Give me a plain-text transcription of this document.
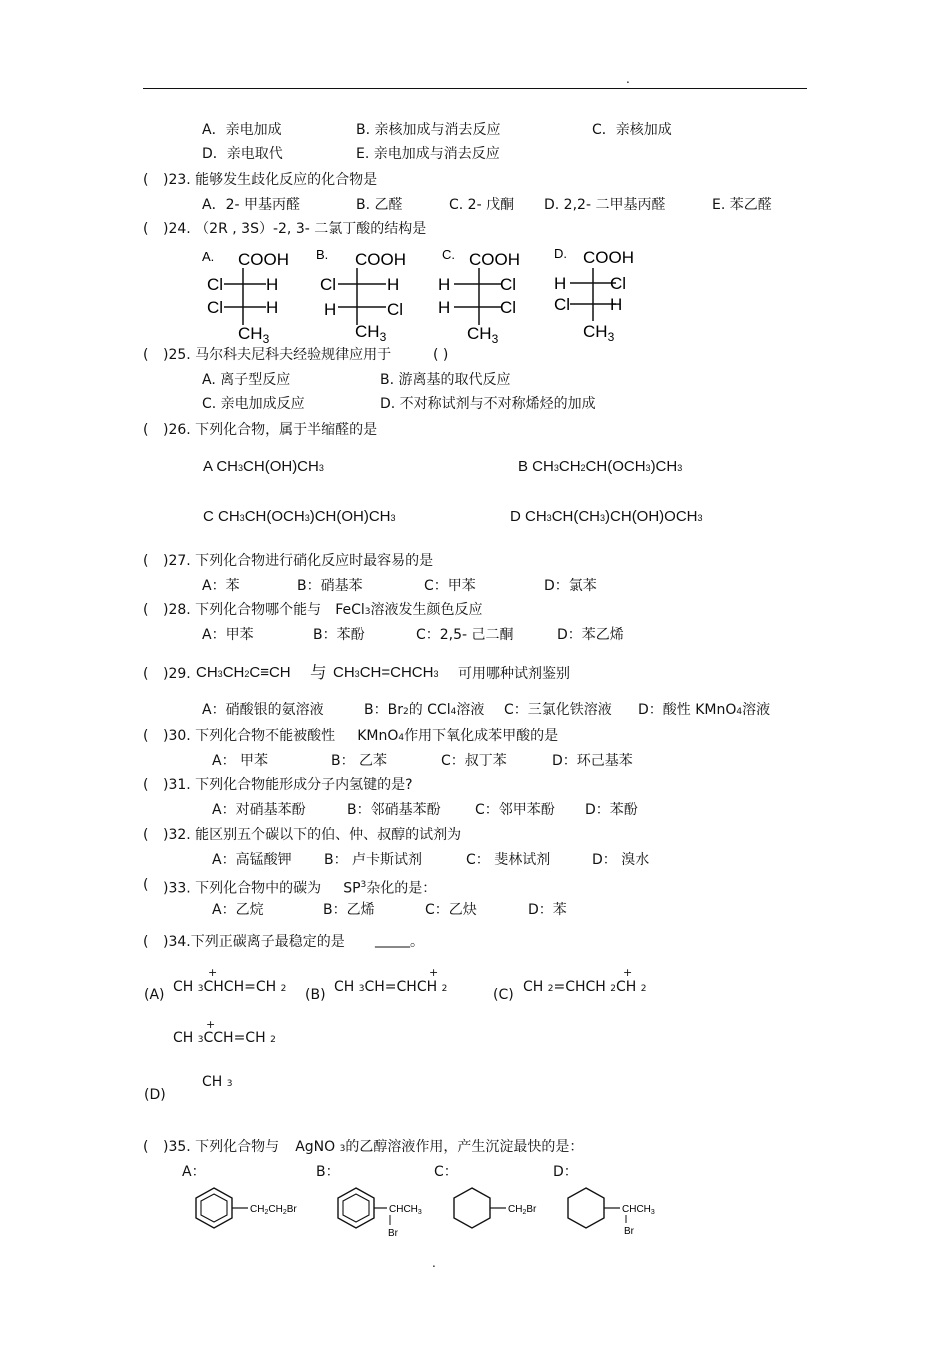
.
A．亲电加成	B. 亲核加成与消去反应	C．亲核加成
D．亲电取代	E. 亲电加成与消去反应
( )23. 能够发生歧化反应的化合物是
A．2- 甲基丙醛	B. 乙醛	C. 2- 戊酮 D. 2,2- 二甲基丙醛	E. 苯乙醛
( )24. （2R , 3S）-2, 3- 二氯丁酸的结构是
A. COOH
Cl	H
Cl	H
$CH_3$
B. COOH
Cl	H
H	Cl
$CH_3$
C. COOH
H	Cl
H	Cl
$CH_3$
D. COOH
H	Cl
Cl H
$CH_3$
( )25. 马尔科夫尼科夫经验规律应用于	( )
A. 离子型反应	B. 游离基的取代反应
C. 亲电加成反应	D. 不对称试剂与不对称烯烃的加成
( )26. 下列化合物，属于半缩醛的是
A CH3CH(OH)CH3	B CH3CH2CH(OCH3)CH3
C CH3CH(OCH3)CH(OH)CH3	D CH3CH(CH3)CH(OH)OCH3
( )27. 下列化合物进行硝化反应时最容易的是
A：苯	B：硝基苯	C：甲苯	D：氯苯
( )28. 下列化合物哪个能与 FeCl3溶液发生颜色反应
A：甲苯	B：苯酚	C：2,5- 己二酮	D：苯乙烯
( )29. CH3CH2C≡CH 与 CH3CH=CHCH3 可用哪种试剂鉴别
A：硝酸银的氨溶液	B：Br2的 CCl4溶液 C：三氯化铁溶液 D：酸性 KMnO4溶液
( )30. 下列化合物不能被酸性 KMnO4作用下氧化成苯甲酸的是
A： 甲苯	B： 乙苯	C：叔丁苯	D：环己基苯
( )31. 下列化合物能形成分子内氢键的是?
A：对硝基苯酚	B：邻硝基苯酚 C：邻甲苯酚 D：苯酚
( )32. 能区别五个碳以下的伯、仲、叔醇的试剂为
A：高锰酸钾 B： 卢卡斯试剂	C： 斐林试剂	D： 溴水
( )33. 下列化合物中的碳为 $SP^3$杂化的是：
A：乙烷	B：乙烯	C：乙炔	D：苯
( )34.下列正碳离子最稳定的是 _____ 。
(A)
+
CH 3CHCH=CH 2 (B)
+
CH 3CH=CHCH 2	(C)
+
CH 2=CHCH 2CH 2
+
CH 3CCH=CH 2
CH 3
(D)
( )35. 下列化合物与 AgNO 3的乙醇溶液作用，产生沉淀最快的是：
A：	B：	C：	D：
$CH_2CH_2Br$	$CHCH_3$
Br
$CH_2Br$	$CHCH_3$
Br
.
